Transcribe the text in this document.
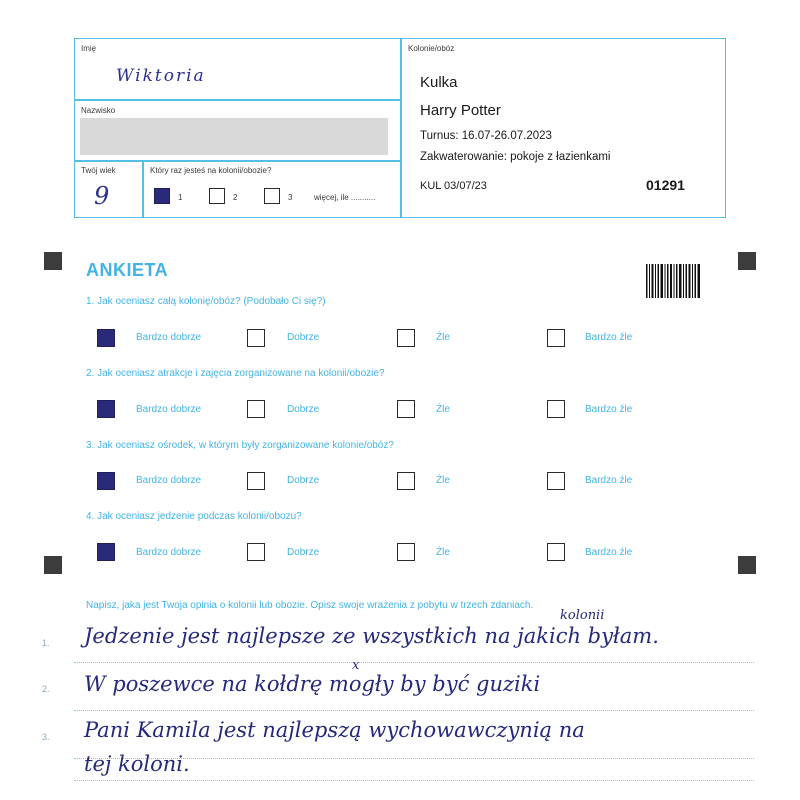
Imię
Wiktoria
Nazwisko
Twój wiek
9
Który raz jesteś na kolonii/obozie?
1	2	3	więcej, ile ...........
Kolonie/obóz
Kulka
Harry Potter
Turnus: 16.07-26.07.2023
Zakwaterowanie: pokoje z łazienkami
KUL 03/07/23	01291
ANKIETA
1. Jak oceniasz całą kolonię/obóz? (Podobało Ci się?)
Bardzo dobrze	Dobrze	Źle	Bardzo źle
2. Jak oceniasz atrakcje i zajęcia zorganizowane na kolonii/obozie?
Bardzo dobrze	Dobrze	Źle	Bardzo źle
3. Jak oceniasz ośrodek, w którym były zorganizowane kolonie/obóz?
Bardzo dobrze	Dobrze	Źle	Bardzo źle
4. Jak oceniasz jedzenie podczas kolonii/obozu?
Bardzo dobrze	Dobrze	Źle	Bardzo źle
Napisz, jaka jest Twoja opinia o kolonii lub obozie. Opisz swoje wrażenia z pobytu w trzech zdaniach.
1.
2.
3.
kolonii
Jedzenie jest najlepsze ze wszystkich na jakich byłam.
x
W poszewce na kołdrę mogły by być guziki
Pani Kamila jest najlepszą wychowawczynią na
tej koloni.
